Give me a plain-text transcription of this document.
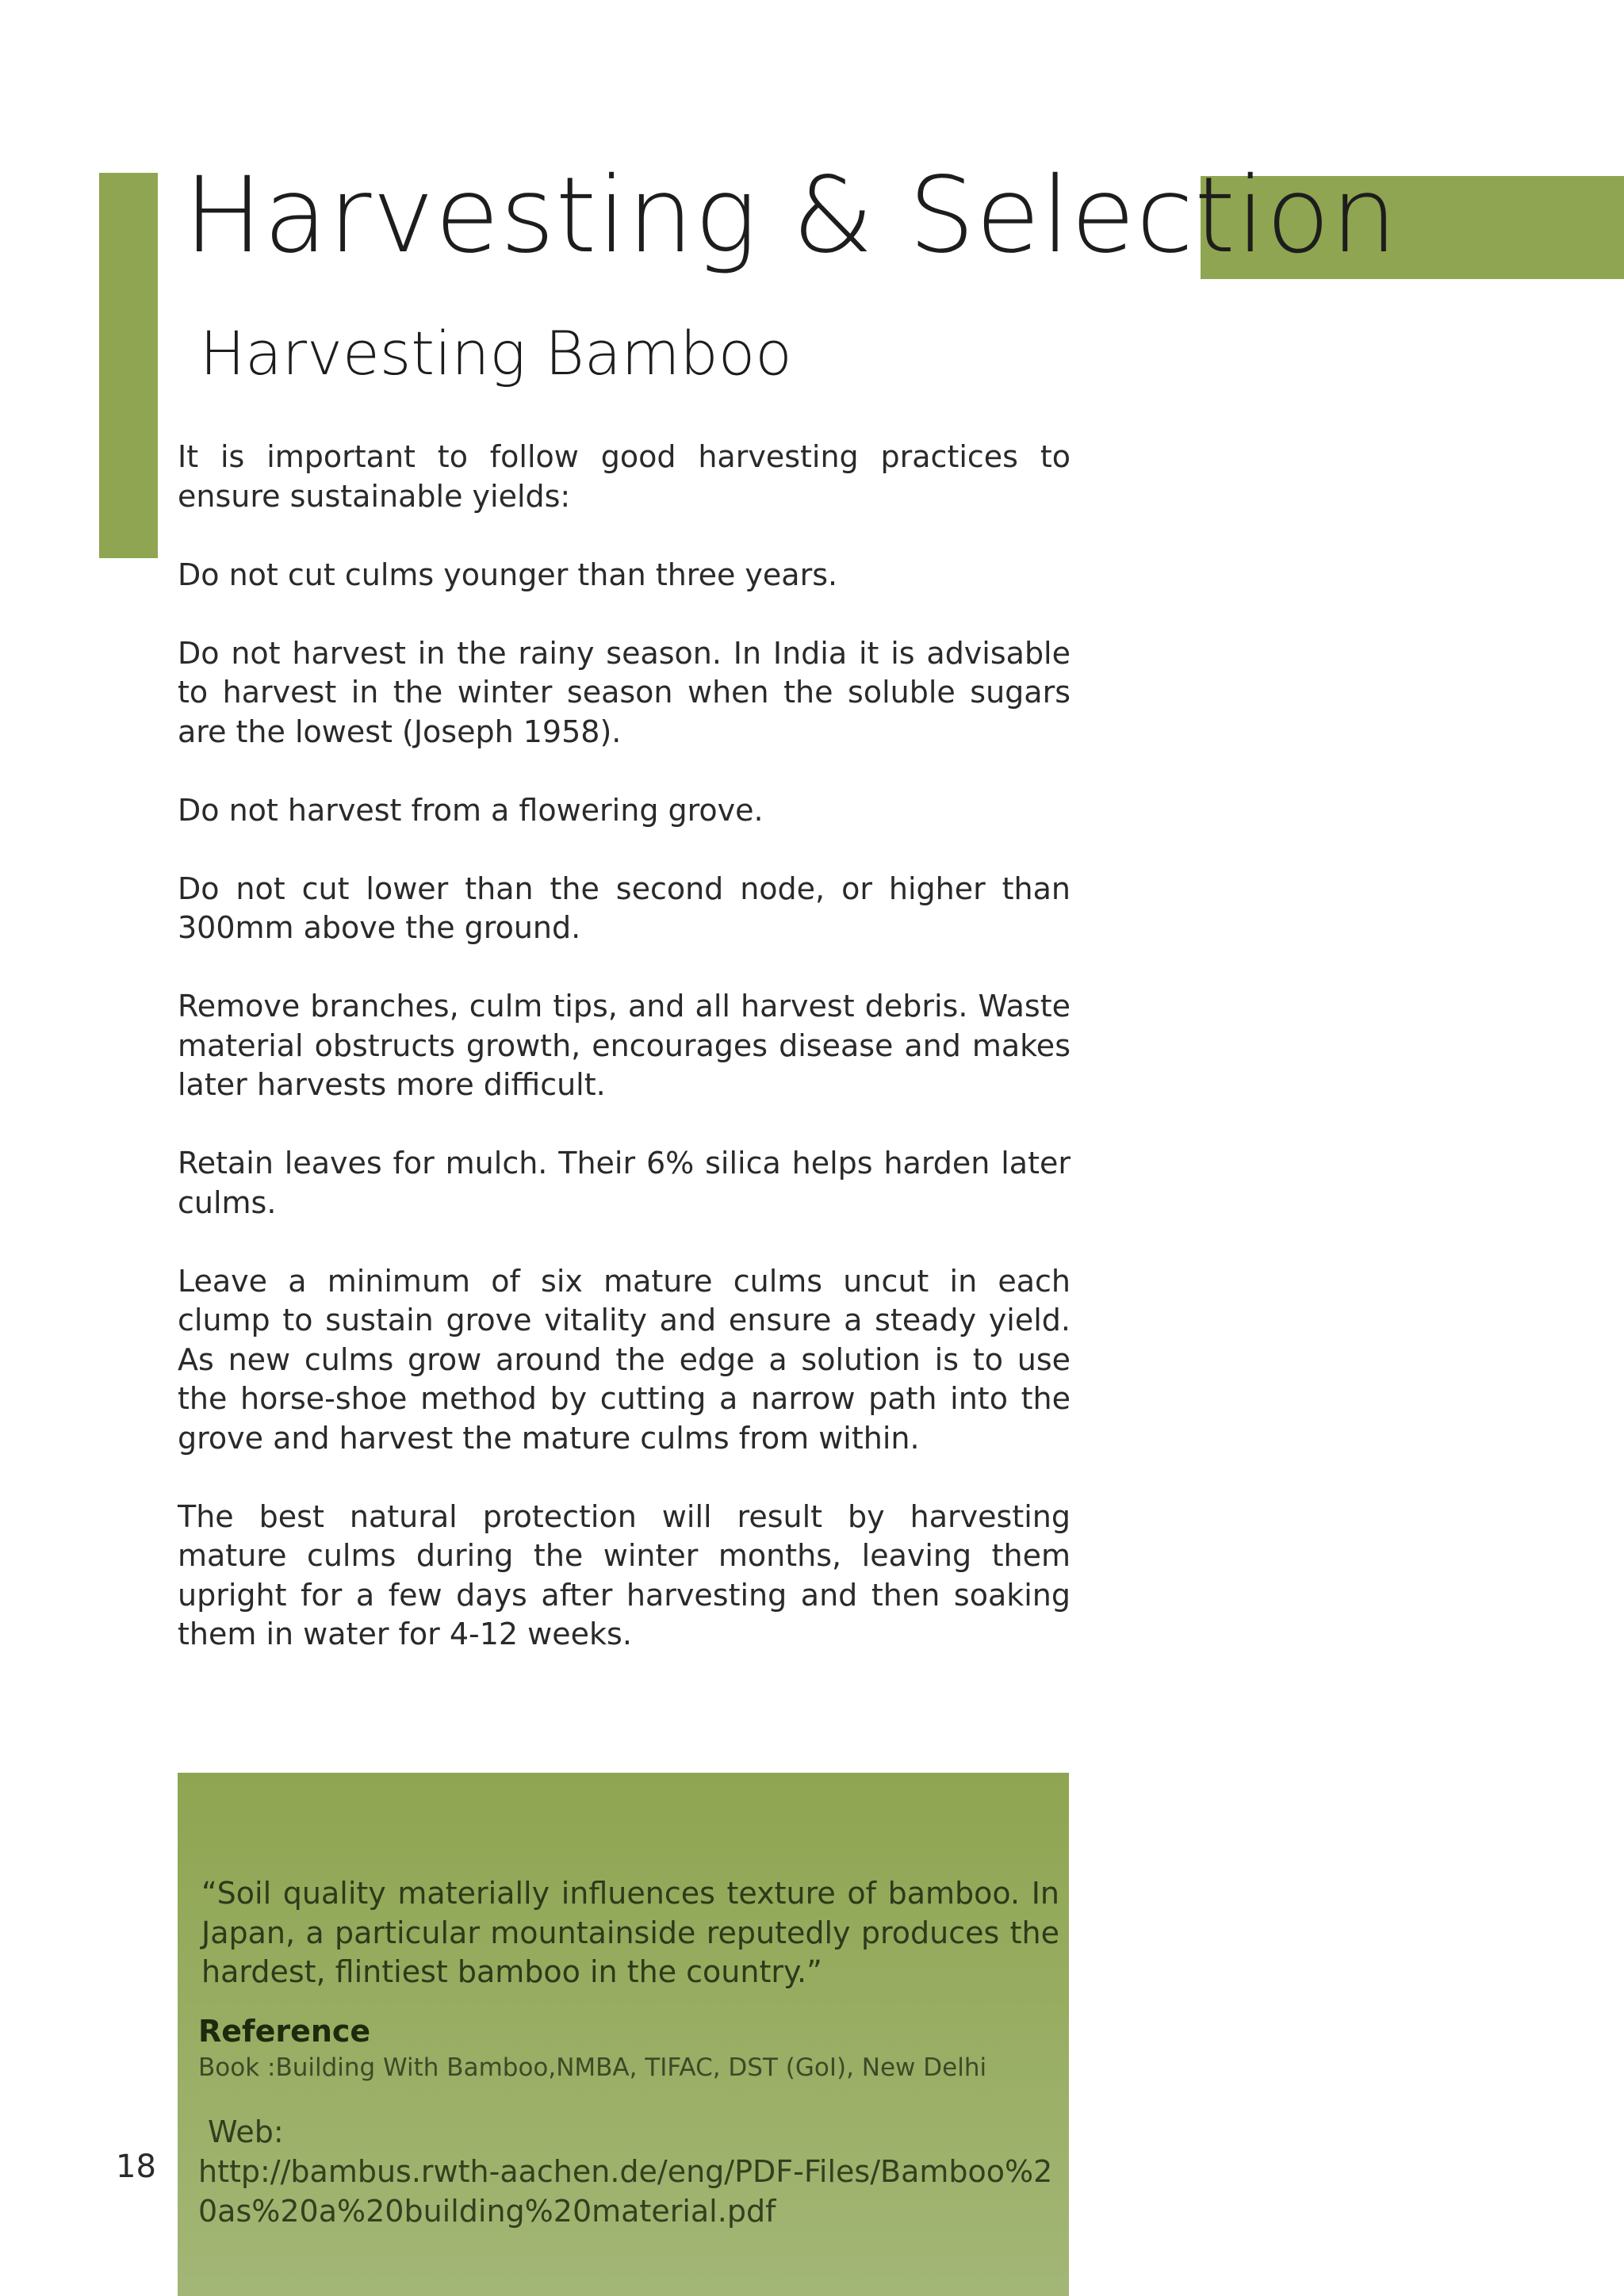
Harvesting & Selection
Harvesting Bamboo

It is important to follow good harvesting practices to ensure sustainable yields:

Do not cut culms younger than three years.

Do not harvest in the rainy season. In India it is advisable to harvest in the winter season when the soluble sugars are the lowest (Joseph 1958).

Do not harvest from a flowering grove.

Do not cut lower than the second node, or higher than 300mm above the ground.

Remove branches, culm tips, and all harvest debris. Waste material obstructs growth, encourages disease and makes later harvests more difficult.

Retain leaves for mulch. Their 6% silica helps harden later culms.

Leave a minimum of six mature culms uncut in each clump to sustain grove vitality and ensure a steady yield. As new culms grow around the edge a solution is to use the horse-shoe method by cutting a narrow path into the grove and harvest the mature culms from within.

The best natural protection will result by harvesting mature culms during the winter months, leaving them upright for a few days after harvesting and then soaking them in water for 4-12 weeks.

“Soil quality materially influences texture of bamboo. In Japan, a particular mountainside reputedly produces the hardest, flintiest bamboo in the country.”

Reference

Book :Building With Bamboo,NMBA, TIFAC, DST (GoI), New Delhi

Web:
http://bambus.rwth-aachen.de/eng/PDF-Files/Bamboo%20as%20a%20building%20material.pdf

18
